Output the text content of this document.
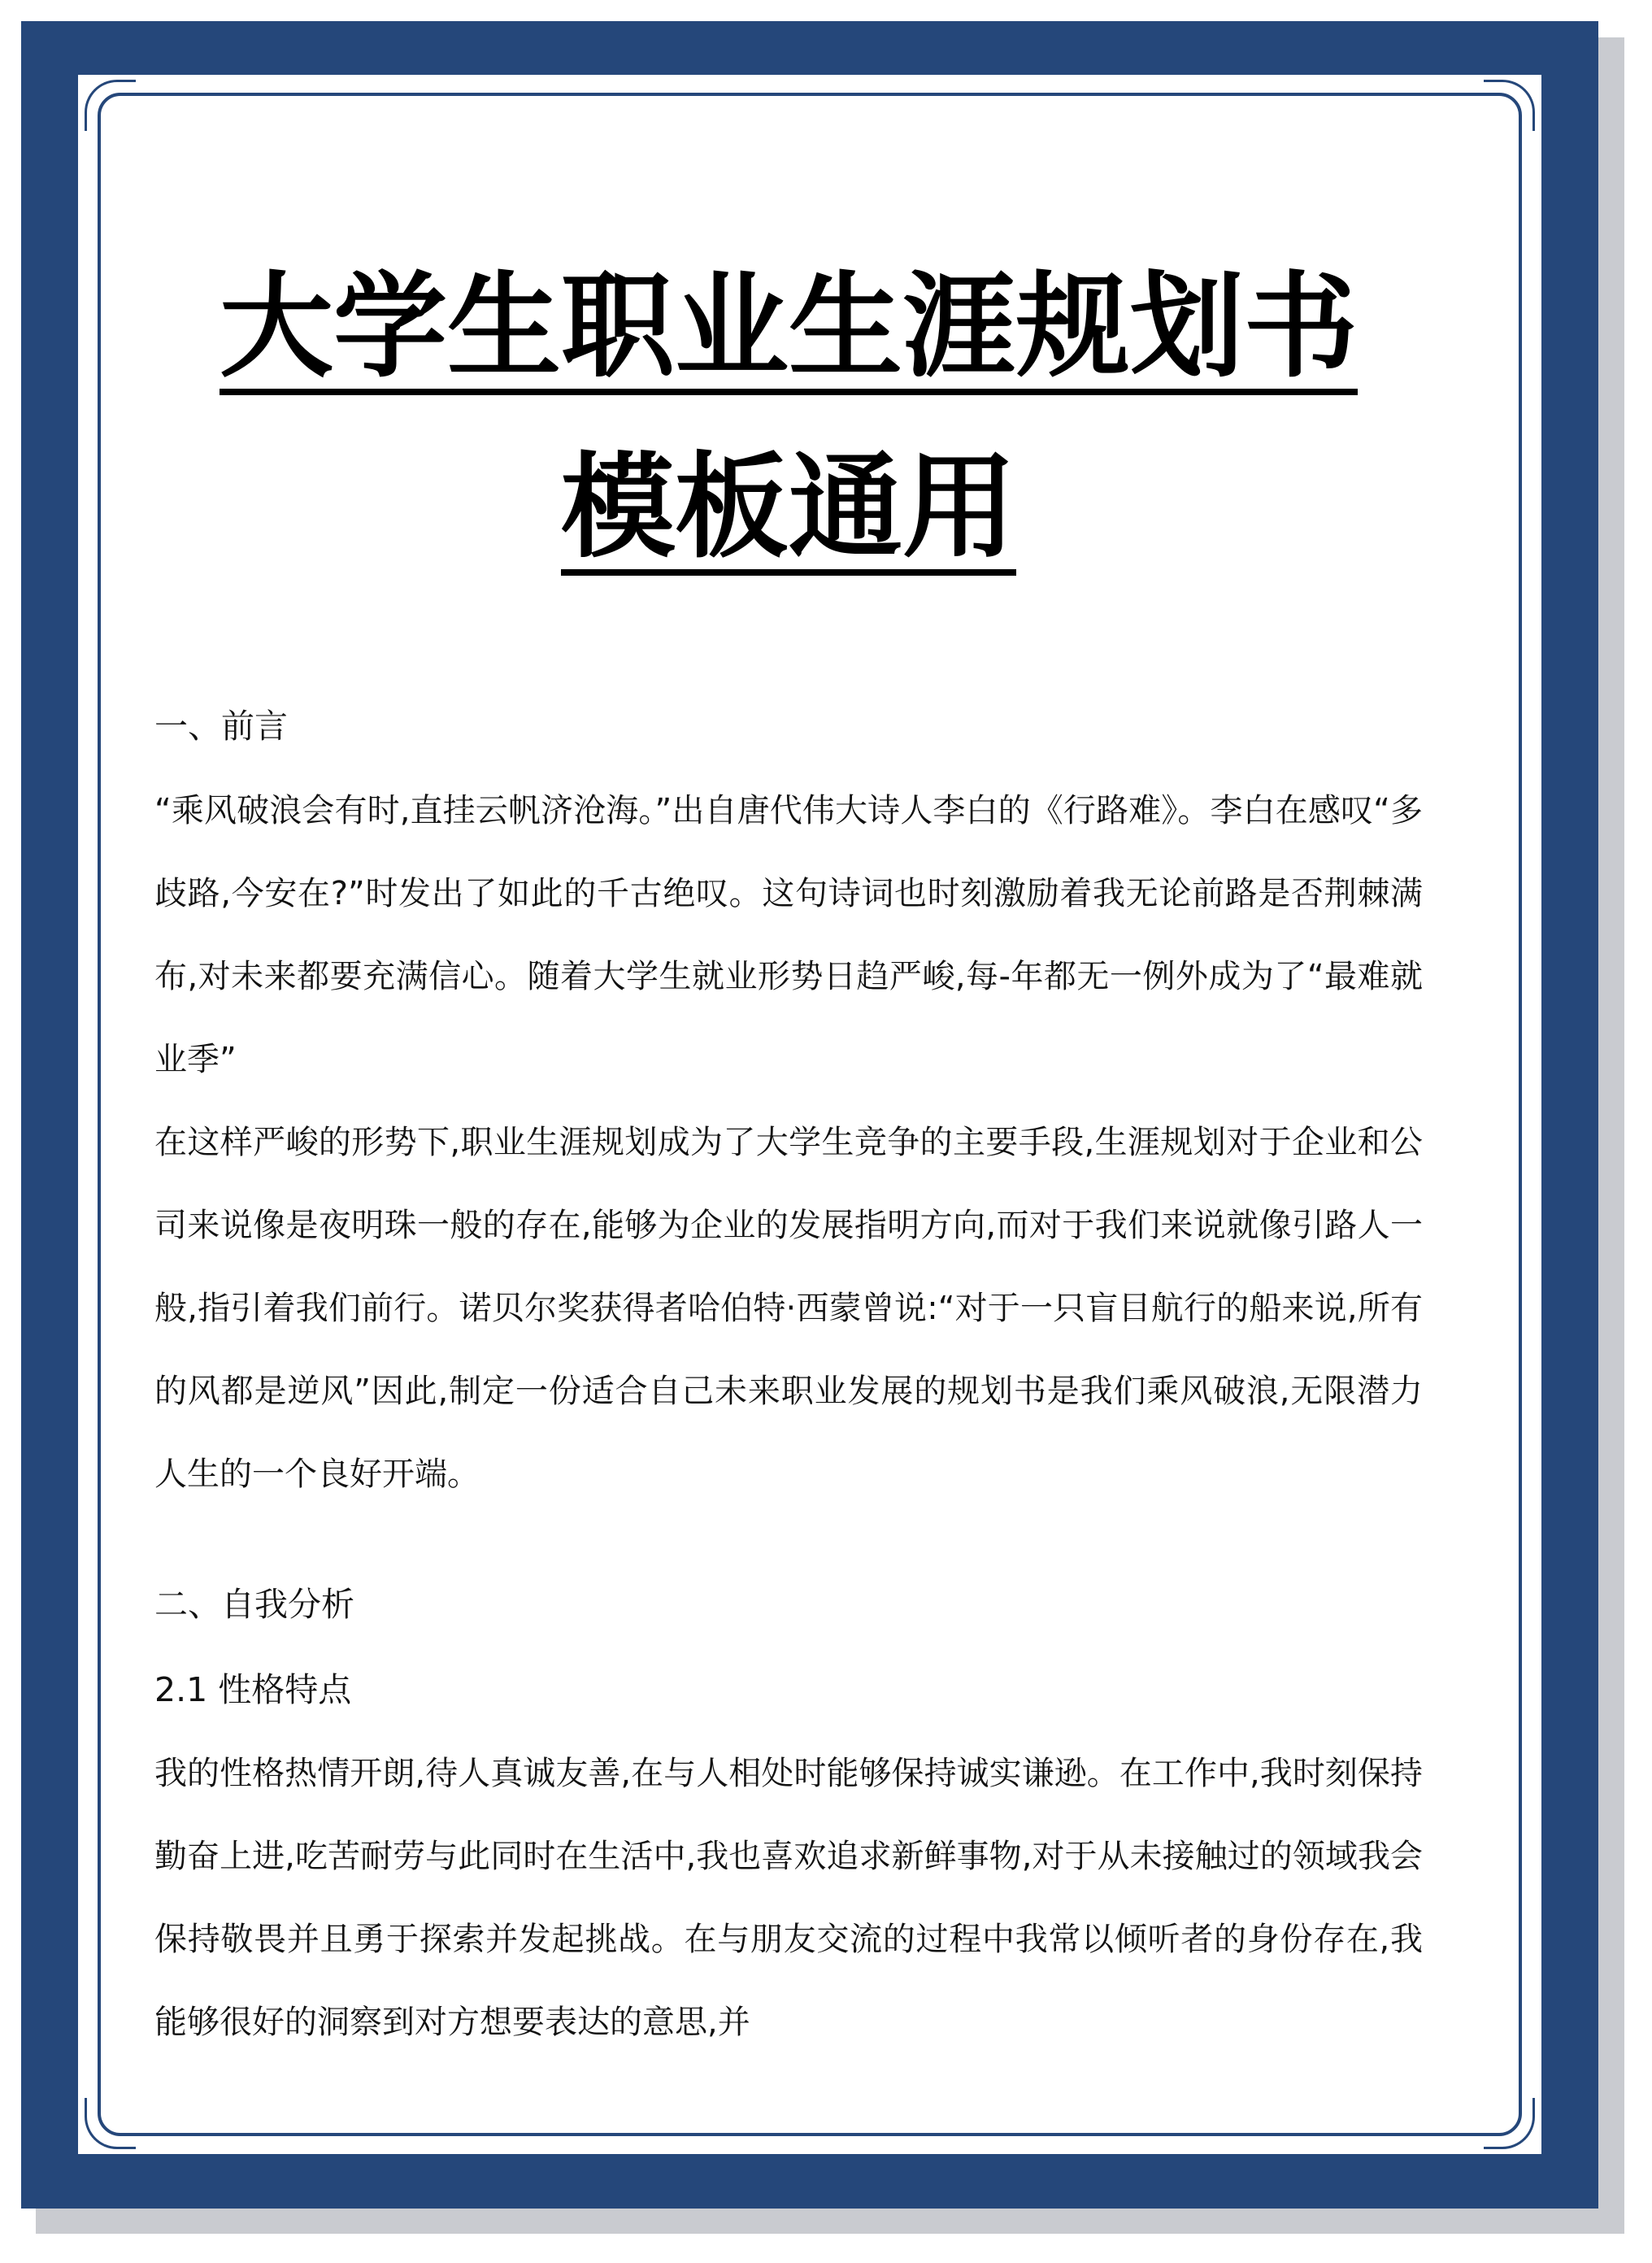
大学生职业生涯规划书
模板通用

一、前言

“乘风破浪会有时,直挂云帆济沧海。”出自唐代伟大诗人李白的《行路难》。李白在感叹“多歧路,今安在?”时发出了如此的千古绝叹。这句诗词也时刻激励着我无论前路是否荆棘满布,对未来都要充满信心。随着大学生就业形势日趋严峻,每-年都无一例外成为了“最难就业季”

在这样严峻的形势下,职业生涯规划成为了大学生竞争的主要手段,生涯规划对于企业和公司来说像是夜明珠一般的存在,能够为企业的发展指明方向,而对于我们来说就像引路人一般,指引着我们前行。诺贝尔奖获得者哈伯特·西蒙曾说:“对于一只盲目航行的船来说,所有的风都是逆风”因此,制定一份适合自己未来职业发展的规划书是我们乘风破浪,无限潜力人生的一个良好开端。

二、自我分析

2.1 性格特点

我的性格热情开朗,待人真诚友善,在与人相处时能够保持诚实谦逊。在工作中,我时刻保持勤奋上进,吃苦耐劳与此同时在生活中,我也喜欢追求新鲜事物,对于从未接触过的领域我会保持敬畏并且勇于探索并发起挑战。在与朋友交流的过程中我常以倾听者的身份存在,我能够很好的洞察到对方想要表达的意思,并
